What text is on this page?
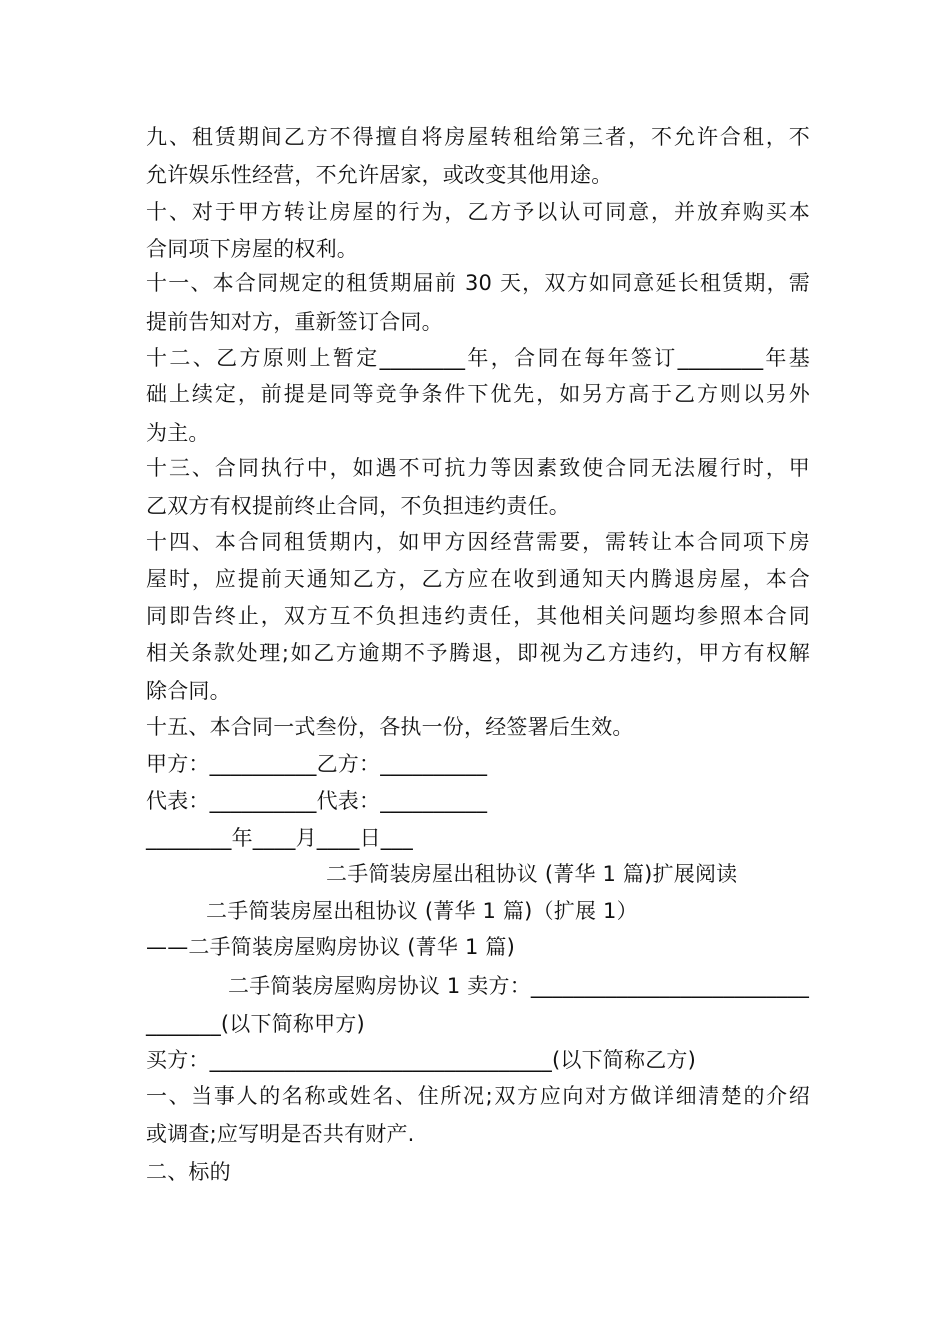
九、租赁期间乙方不得擅自将房屋转租给第三者，不允许合租，不
允许娱乐性经营，不允许居家，或改变其他用途。
十、对于甲方转让房屋的行为，乙方予以认可同意，并放弃购买本
合同项下房屋的权利。
十一、本合同规定的租赁期届前 30 天，双方如同意延长租赁期，需
提前告知对方，重新签订合同。
十二、乙方原则上暂定________年，合同在每年签订________年基
础上续定，前提是同等竞争条件下优先，如另方高于乙方则以另外
为主。
十三、合同执行中，如遇不可抗力等因素致使合同无法履行时，甲
乙双方有权提前终止合同，不负担违约责任。
十四、本合同租赁期内，如甲方因经营需要，需转让本合同项下房
屋时，应提前天通知乙方，乙方应在收到通知天内腾退房屋，本合
同即告终止，双方互不负担违约责任，其他相关问题均参照本合同
相关条款处理;如乙方逾期不予腾退，即视为乙方违约，甲方有权解
除合同。
十五、本合同一式叁份，各执一份，经签署后生效。
甲方：__________乙方：__________
代表：__________代表：__________
________年____月____日___
二手简装房屋出租协议 (菁华 1 篇)扩展阅读
二手简装房屋出租协议 (菁华 1 篇)（扩展 1）
——二手简装房屋购房协议 (菁华 1 篇)
二手简装房屋购房协议 1 卖方：__________________________
_______(以下简称甲方)
买方：________________________________(以下简称乙方)
一、当事人的名称或姓名、住所况;双方应向对方做详细清楚的介绍
或调查;应写明是否共有财产.
二、标的
